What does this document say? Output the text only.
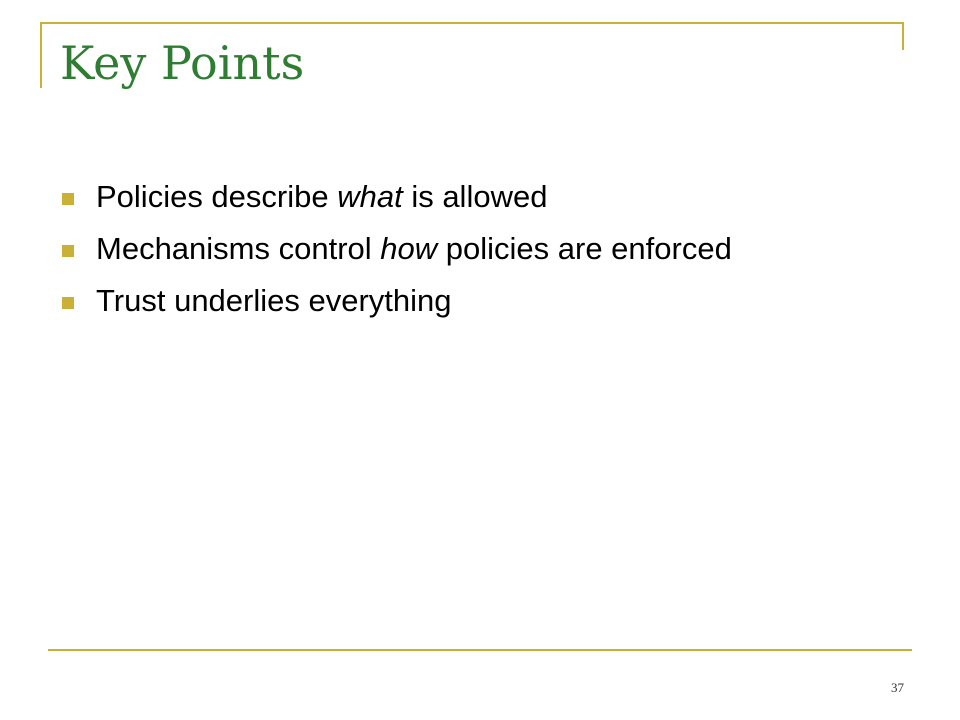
Key Points
Policies describe what is allowed
Mechanisms control how policies are enforced
Trust underlies everything
37
